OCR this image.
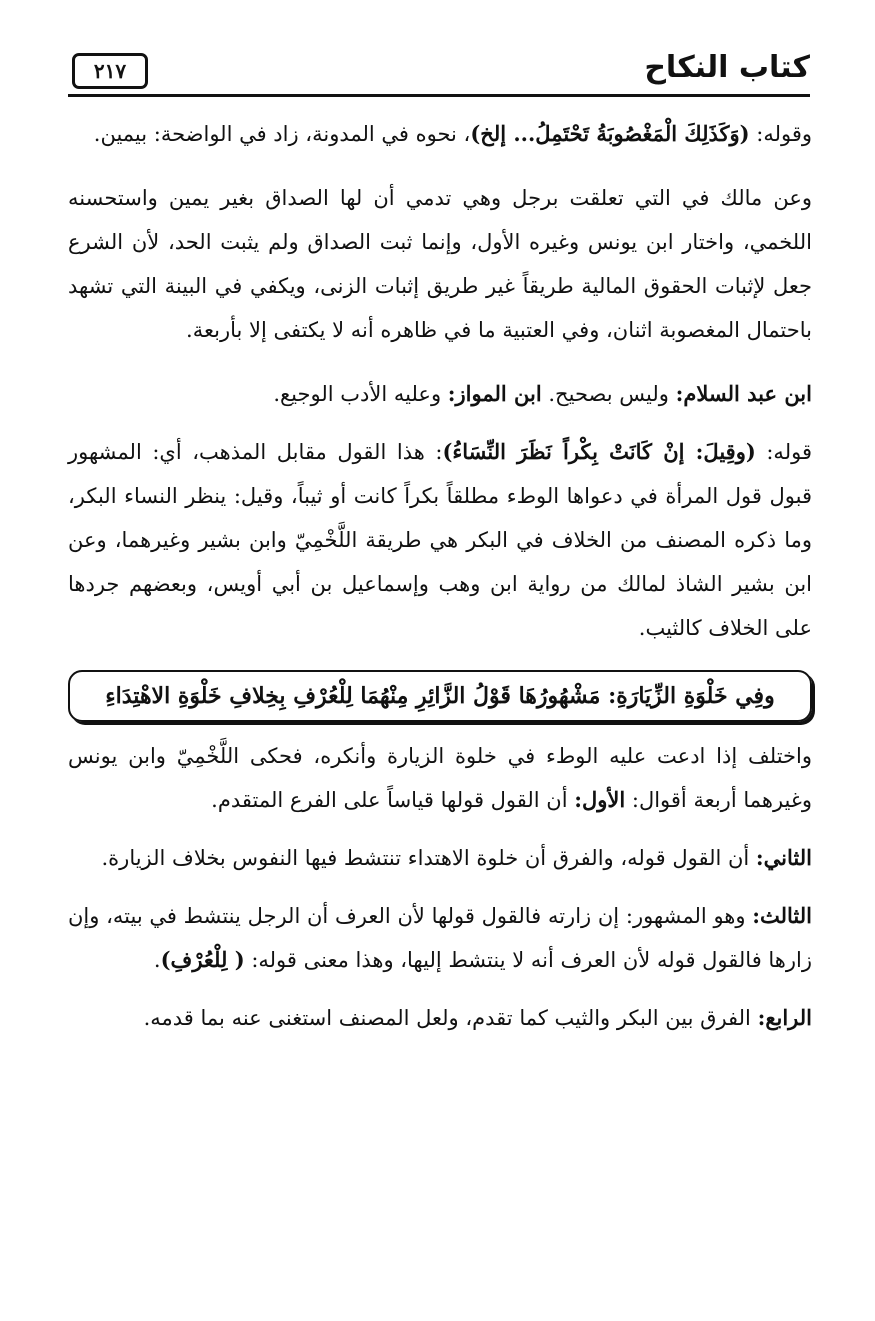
كتاب النكاح
٢١٧

وقوله: (وَكَذَلِكَ الْمَغْصُوبَةُ تَحْتَمِلُ... إلخ)، نحوه في المدونة، زاد في الواضحة: بيمين.

وعن مالك في التي تعلقت برجل وهي تدمي أن لها الصداق بغير يمين واستحسنه اللخمي، واختار ابن يونس وغيره الأول، وإنما ثبت الصداق ولم يثبت الحد، لأن الشرع جعل لإثبات الحقوق المالية طريقاً غير طريق إثبات الزنى، ويكفي في البينة التي تشهد باحتمال المغصوبة اثنان، وفي العتبية ما في ظاهره أنه لا يكتفى إلا بأربعة.

ابن عبد السلام: وليس بصحيح. ابن المواز: وعليه الأدب الوجيع.

قوله: (وقِيلَ: إنْ كَانَتْ بِكْراً نَظَرَ النِّسَاءُ): هذا القول مقابل المذهب، أي: المشهور قبول قول المرأة في دعواها الوطء مطلقاً بكراً كانت أو ثيباً، وقيل: ينظر النساء البكر، وما ذكره المصنف من الخلاف في البكر هي طريقة اللَّخْمِيّ وابن بشير وغيرهما، وعن ابن بشير الشاذ لمالك من رواية ابن وهب وإسماعيل بن أبي أويس، وبعضهم جردها على الخلاف كالثيب.

وفِي خَلْوَةِ الزِّيَارَةِ: مَشْهُورُهَا قَوْلُ الزَّائِرِ مِنْهُمَا لِلْعُرْفِ بِخِلافِ خَلْوَةِ الاهْتِدَاءِ

واختلف إذا ادعت عليه الوطء في خلوة الزيارة وأنكره، فحكى اللَّخْمِيّ وابن يونس وغيرهما أربعة أقوال: الأول: أن القول قولها قياساً على الفرع المتقدم.

الثاني: أن القول قوله، والفرق أن خلوة الاهتداء تنتشط فيها النفوس بخلاف الزيارة.

الثالث: وهو المشهور: إن زارته فالقول قولها لأن العرف أن الرجل ينتشط في بيته، وإن زارها فالقول قوله لأن العرف أنه لا ينتشط إليها، وهذا معنى قوله: ( لِلْعُرْفِ).

الرابع: الفرق بين البكر والثيب كما تقدم، ولعل المصنف استغنى عنه بما قدمه.
